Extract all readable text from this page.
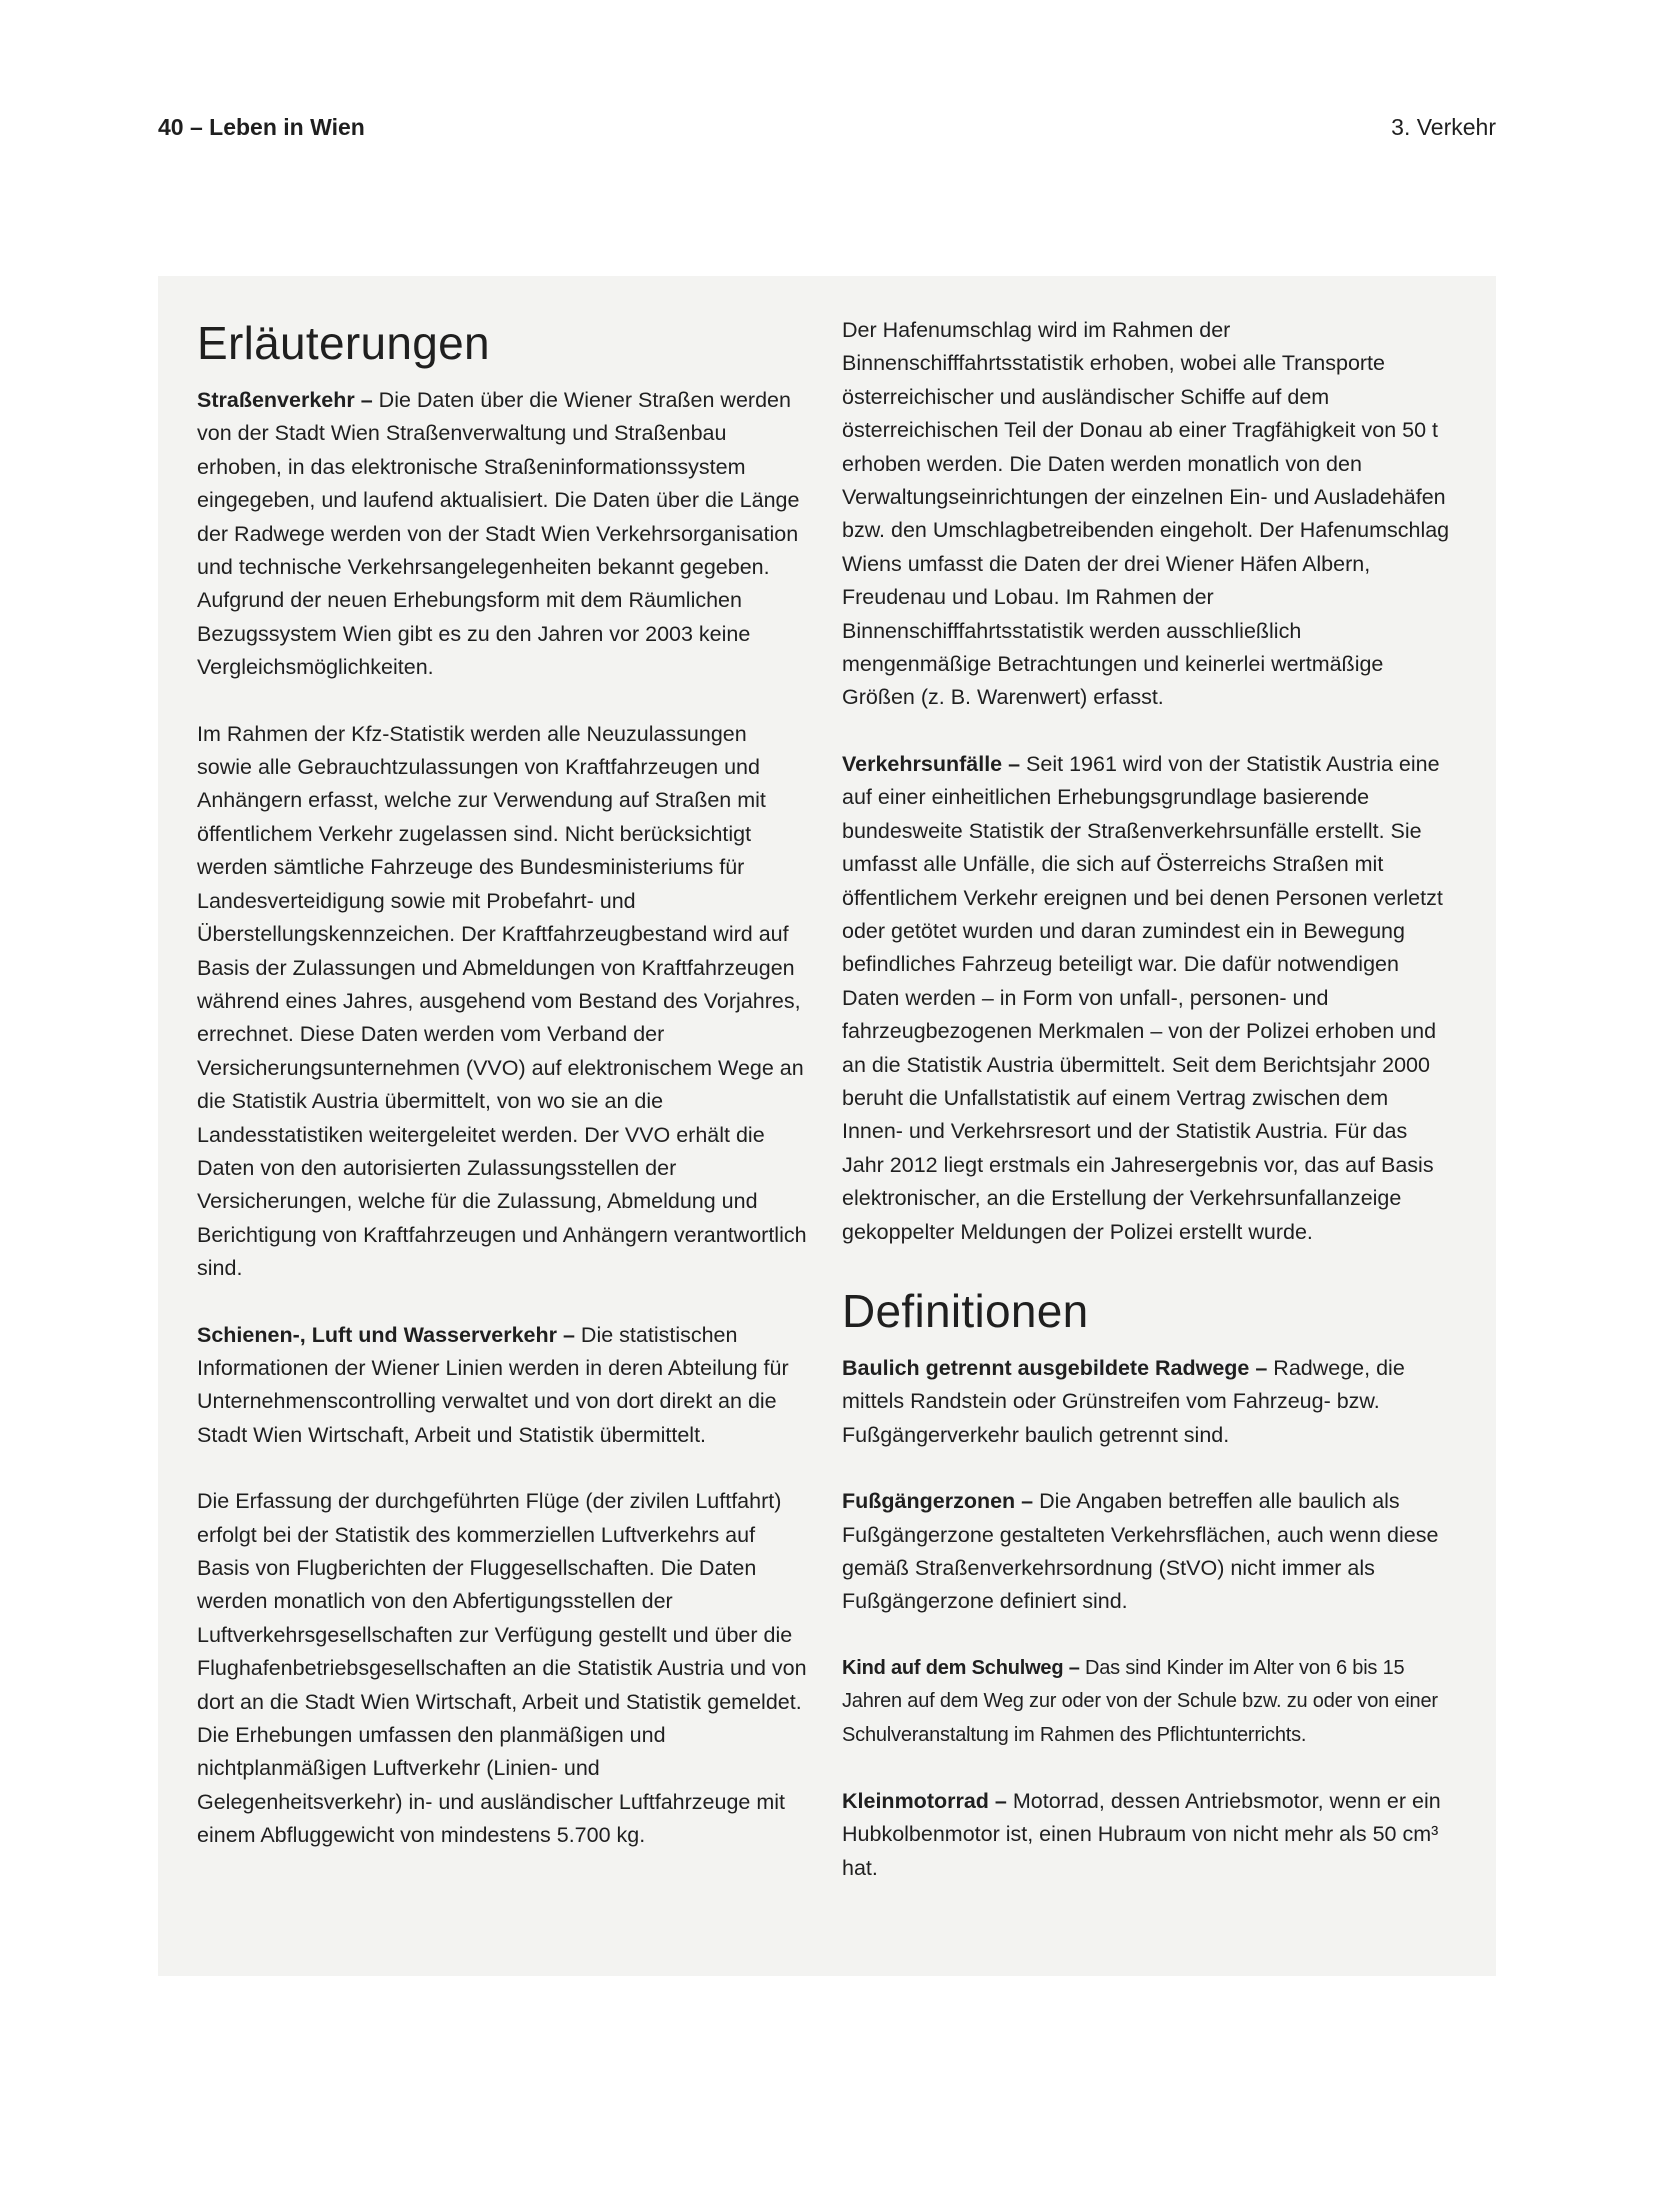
40 – Leben in Wien	3. Verkehr
Erläuterungen

Straßenverkehr – Die Daten über die Wiener Straßen werden von der Stadt Wien Straßenverwaltung und Straßenbau erhoben, in das elektronische Straßeninformationssystem eingegeben, und laufend aktualisiert. Die Daten über die Länge der Radwege werden von der Stadt Wien Verkehrsorganisation und technische Verkehrsangelegenheiten bekannt gegeben. Aufgrund der neuen Erhebungsform mit dem Räumlichen Bezugssystem Wien gibt es zu den Jahren vor 2003 keine Vergleichsmöglichkeiten.

Im Rahmen der Kfz-Statistik werden alle Neuzulassungen sowie alle Gebrauchtzulassungen von Kraftfahrzeugen und Anhängern erfasst, welche zur Verwendung auf Straßen mit öffentlichem Verkehr zugelassen sind. Nicht berücksichtigt werden sämtliche Fahrzeuge des Bundesministeriums für Landesverteidigung sowie mit Probefahrt- und Überstellungskennzeichen. Der Kraftfahrzeugbestand wird auf Basis der Zulassungen und Abmeldungen von Kraftfahrzeugen während eines Jahres, ausgehend vom Bestand des Vorjahres, errechnet. Diese Daten werden vom Verband der Versicherungsunternehmen (VVO) auf elektronischem Wege an die Statistik Austria übermittelt, von wo sie an die Landesstatistiken weitergeleitet werden. Der VVO erhält die Daten von den autorisierten Zulassungsstellen der Versicherungen, welche für die Zulassung, Abmeldung und Berichtigung von Kraftfahrzeugen und Anhängern verantwortlich sind.

Schienen-, Luft und Wasserverkehr – Die statistischen Informationen der Wiener Linien werden in deren Abteilung für Unternehmenscontrolling verwaltet und von dort direkt an die Stadt Wien Wirtschaft, Arbeit und Statistik übermittelt.

Die Erfassung der durchgeführten Flüge (der zivilen Luftfahrt) erfolgt bei der Statistik des kommerziellen Luftverkehrs auf Basis von Flugberichten der Fluggesellschaften. Die Daten werden monatlich von den Abfertigungsstellen der Luftverkehrsgesellschaften zur Verfügung gestellt und über die Flughafenbetriebsgesellschaften an die Statistik Austria und von dort an die Stadt Wien Wirtschaft, Arbeit und Statistik gemeldet. Die Erhebungen umfassen den planmäßigen und nichtplanmäßigen Luftverkehr (Linien- und Gelegenheitsverkehr) in- und ausländischer Luftfahrzeuge mit einem Abfluggewicht von mindestens 5.700 kg.

Der Hafenumschlag wird im Rahmen der Binnenschifffahrtsstatistik erhoben, wobei alle Transporte österreichischer und ausländischer Schiffe auf dem österreichischen Teil der Donau ab einer Tragfähigkeit von 50 t erhoben werden. Die Daten werden monatlich von den Verwaltungseinrichtungen der einzelnen Ein- und Ausladehäfen bzw. den Umschlagbetreibenden eingeholt. Der Hafenumschlag Wiens umfasst die Daten der drei Wiener Häfen Albern, Freudenau und Lobau. Im Rahmen der Binnenschifffahrtsstatistik werden ausschließlich mengenmäßige Betrachtungen und keinerlei wertmäßige Größen (z. B. Warenwert) erfasst.

Verkehrsunfälle – Seit 1961 wird von der Statistik Austria eine auf einer einheitlichen Erhebungsgrundlage basierende bundesweite Statistik der Straßenverkehrsunfälle erstellt. Sie umfasst alle Unfälle, die sich auf Österreichs Straßen mit öffentlichem Verkehr ereignen und bei denen Personen verletzt oder getötet wurden und daran zumindest ein in Bewegung befindliches Fahrzeug beteiligt war. Die dafür notwendigen Daten werden – in Form von unfall-, personen- und fahrzeugbezogenen Merkmalen – von der Polizei erhoben und an die Statistik Austria übermittelt. Seit dem Berichtsjahr 2000 beruht die Unfallstatistik auf einem Vertrag zwischen dem Innen- und Verkehrsresort und der Statistik Austria. Für das Jahr 2012 liegt erstmals ein Jahresergebnis vor, das auf Basis elektronischer, an die Erstellung der Verkehrsunfallanzeige gekoppelter Meldungen der Polizei erstellt wurde.

Definitionen

Baulich getrennt ausgebildete Radwege – Radwege, die mittels Randstein oder Grünstreifen vom Fahrzeug- bzw. Fußgängerverkehr baulich getrennt sind.

Fußgängerzonen – Die Angaben betreffen alle baulich als Fußgängerzone gestalteten Verkehrsflächen, auch wenn diese gemäß Straßenverkehrsordnung (StVO) nicht immer als Fußgängerzone definiert sind.

Kind auf dem Schulweg – Das sind Kinder im Alter von 6 bis 15 Jahren auf dem Weg zur oder von der Schule bzw. zu oder von einer Schulveranstaltung im Rahmen des Pflichtunterrichts.

Kleinmotorrad – Motorrad, dessen Antriebsmotor, wenn er ein Hubkolbenmotor ist, einen Hubraum von nicht mehr als 50 cm³ hat.
